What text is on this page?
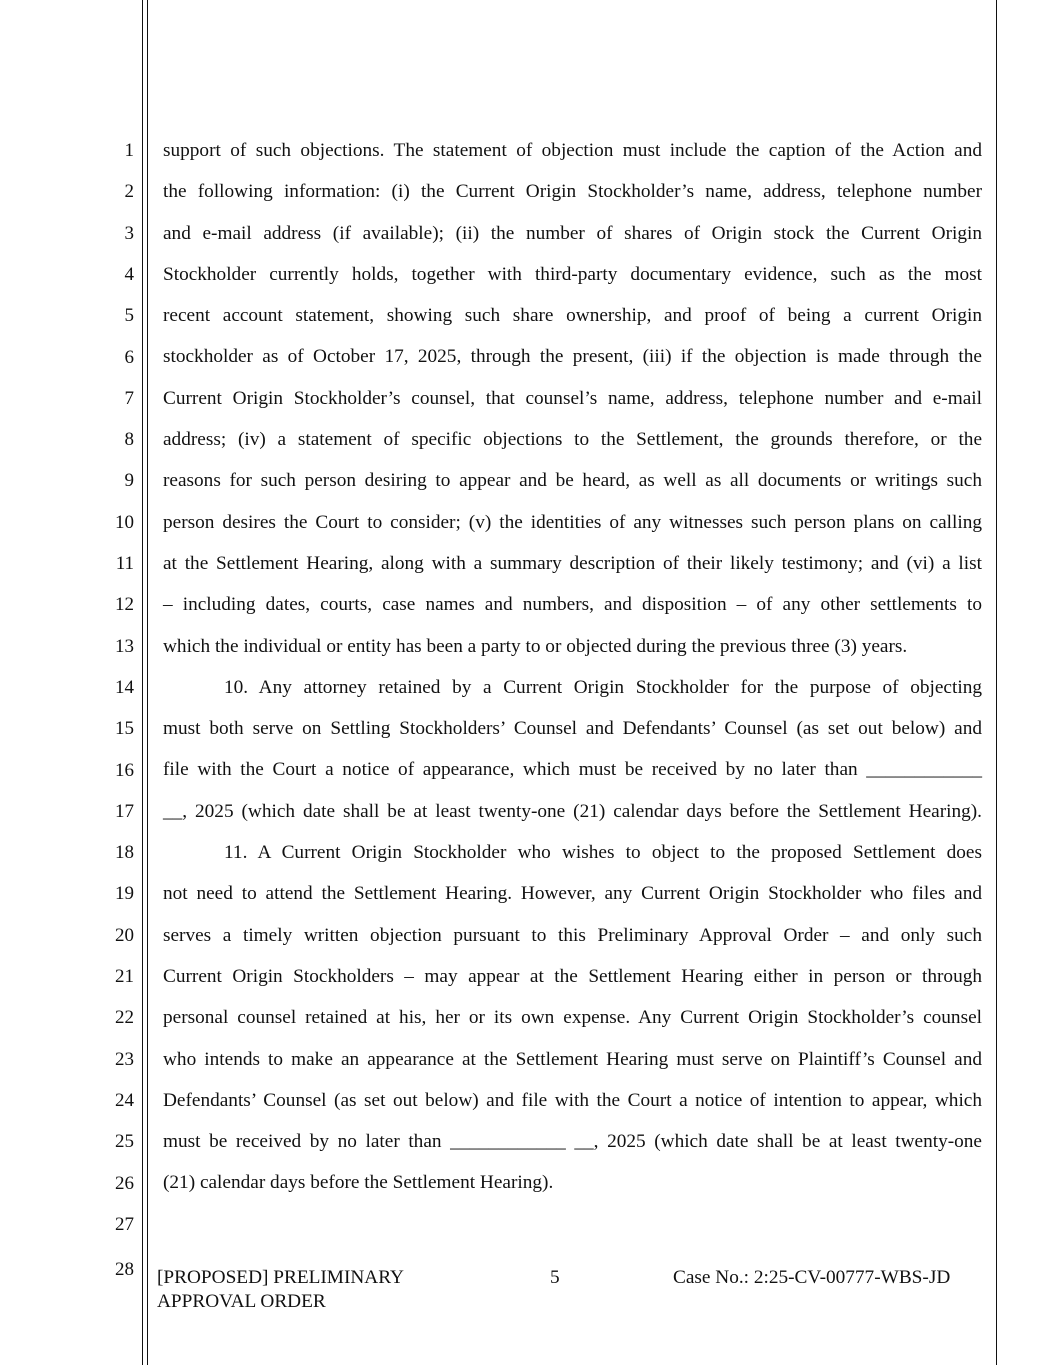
1
2
3
4
5
6
7
8
9
10
11
12
13
14
15
16
17
18
19
20
21
22
23
24
25
26
27
28
support of such objections. The statement of objection must include the caption of the Action and
the following information: (i) the Current Origin Stockholder’s name, address, telephone number
and e-mail address (if available); (ii) the number of shares of Origin stock the Current Origin
Stockholder currently holds, together with third-party documentary evidence, such as the most
recent account statement, showing such share ownership, and proof of being a current Origin
stockholder as of October 17, 2025, through the present, (iii) if the objection is made through the
Current Origin Stockholder’s counsel, that counsel’s name, address, telephone number and e-mail
address; (iv) a statement of specific objections to the Settlement, the grounds therefore, or the
reasons for such person desiring to appear and be heard, as well as all documents or writings such
person desires the Court to consider; (v) the identities of any witnesses such person plans on calling
at the Settlement Hearing, along with a summary description of their likely testimony; and (vi) a list
– including dates, courts, case names and numbers, and disposition – of any other settlements to
which the individual or entity has been a party to or objected during the previous three (3) years.
10. Any attorney retained by a Current Origin Stockholder for the purpose of objecting
must both serve on Settling Stockholders’ Counsel and Defendants’ Counsel (as set out below) and
file with the Court a notice of appearance, which must be received by no later than ____________
__, 2025 (which date shall be at least twenty-one (21) calendar days before the Settlement Hearing).
11. A Current Origin Stockholder who wishes to object to the proposed Settlement does
not need to attend the Settlement Hearing. However, any Current Origin Stockholder who files and
serves a timely written objection pursuant to this Preliminary Approval Order – and only such
Current Origin Stockholders – may appear at the Settlement Hearing either in person or through
personal counsel retained at his, her or its own expense. Any Current Origin Stockholder’s counsel
who intends to make an appearance at the Settlement Hearing must serve on Plaintiff’s Counsel and
Defendants’ Counsel (as set out below) and file with the Court a notice of intention to appear, which
must be received by no later than ____________ __, 2025 (which date shall be at least twenty-one
(21) calendar days before the Settlement Hearing).
[PROPOSED] PRELIMINARY APPROVAL ORDER
5	Case No.: 2:25-CV-00777-WBS-JD
